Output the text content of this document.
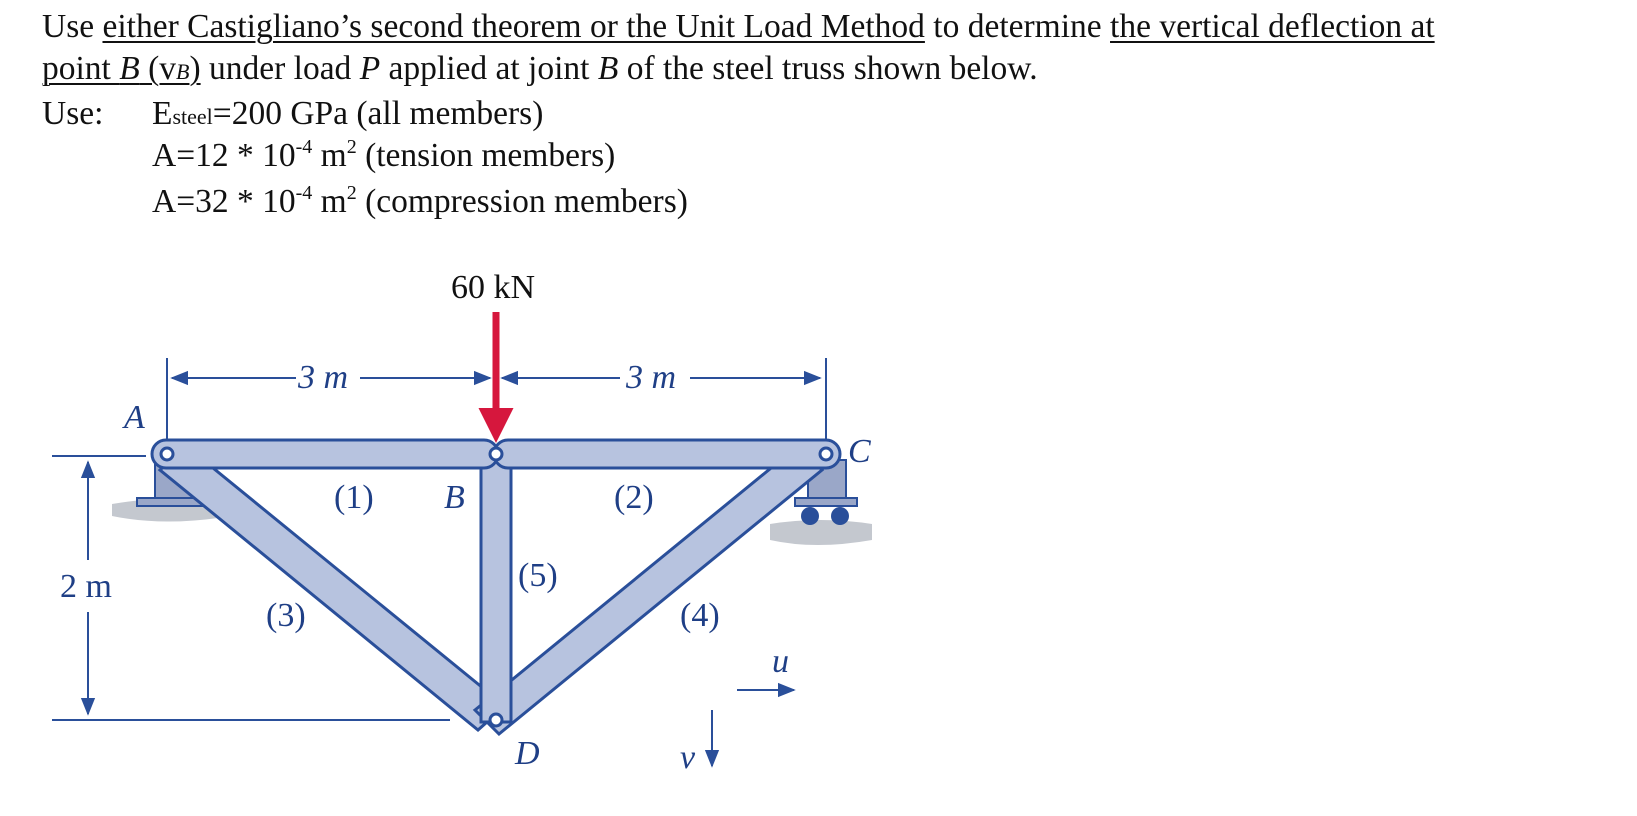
Use either Castigliano’s second theorem or the Unit Load Method to determine the vertical deflection at
point B (vB) under load P applied at joint B of the steel truss shown below.
Use: Esteel=200 GPa (all members)
$A=12 * 10^{-4}$ $m^2$ (tension members)
$A=32 * 10^{-4}$ $m^2$ (compression members)
60 kN
3 m	3 m
2 m
A
B
C
D
(1)	(2)
(3)	(4)
(5)
u
v
